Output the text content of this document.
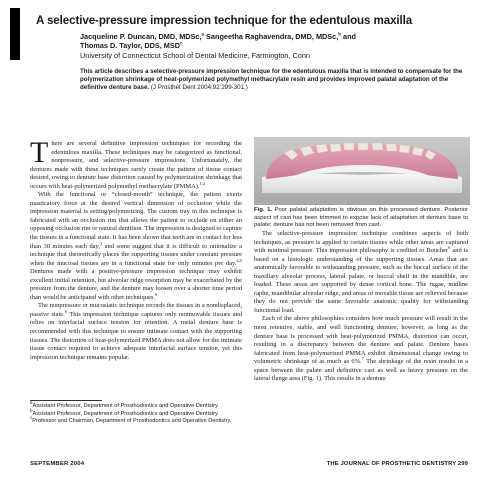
A selective-pressure impression technique for the edentulous maxilla
Jacqueline P. Duncan, DMD, MDSc,$^a$ Sangeetha Raghavendra, DMD, MDSc,$^b$ and
Thomas D. Taylor, DDS, MSD$^c$
University of Connecticut School of Dental Medicine, Farmington, Conn
This article describes a selective-pressure impression technique for the edentulous maxilla that is intended to compensate for the polymerization shrinkage of heat-polymerized polymethyl methacrylate resin and provides improved palatal adaptation of the definitive denture base. (J Prosthet Dent 2004;92:299-301.)

There are several definitive impression techniques for recording the edentulous maxilla. These techniques may be categorized as functional, nonpressure, and selective-pressure impressions. Unfortunately, the dentures made with these techniques rarely create the pattern of tissue contact desired, owing to denture base distortion caused by polymerization shrinkage that occurs with heat-polymerized polymethyl methacrylate (PMMA).$^{1,2}$

With the functional or “closed-mouth” technique, the patient exerts masticatory force at the desired vertical dimension of occlusion while the impression material is setting/polymerizing. The custom tray in this technique is fabricated with an occlusion rim that allows the patient to occlude on either an opposing occlusion rim or natural dentition. The impression is designed to capture the tissues in a functional state. It has been shown that teeth are in contact for less than 30 minutes each day,$^3$ and some suggest that it is difficult to rationalize a technique that theoretically places the supporting tissues under constant pressure when the mucosal tissues are in a functional state for only minutes per day.$^{4,5}$ Dentures made with a positive-pressure impression technique may exhibit excellent initial retention, but alveolar ridge resorption may be exacerbated by the pressure from the denture, and the denture may loosen over a shorter time period than would be anticipated with other techniques.$^6$

The nonpressure or mucostatic technique records the tissues in a nondisplaced, passive state.$^6$ This impression technique captures only nonmovable tissues and relies on interfacial surface tension for retention. A metal denture base is recommended with this technique to ensure intimate contact with the supporting tissues. The distortion of heat-polymerized PMMA does not allow for the intimate tissue contact required to achieve adequate interfacial surface tension, yet this impression technique remains popular.

$^a$Assistant Professor, Department of Prosthodontics and Operative Dentistry.
$^b$Assistant Professor, Department of Prosthodontics and Operative Dentistry.
$^c$Professor and Chairman, Department of Prosthodontics and Operative Dentistry.
Fig. 1. Poor palatal adaptation is obvious on this processed denture. Posterior aspect of cast has been trimmed to expose lack of adaptation of denture base to palate; denture has not been removed from cast.

The selective-pressure impression technique combines aspects of both techniques, as pressure is applied to certain tissues while other areas are captured with minimal pressure. This impression philosophy is credited to Boucher$^6$ and is based on a histologic understanding of the supporting tissues. Areas that are anatomically favorable to withstanding pressure, such as the buccal surface of the maxillary alveolar process, lateral palate, or buccal shelf in the mandible, are loaded. These areas are supported by dense cortical bone. The rugae, midline raphe, mandibular alveolar ridge, and areas of movable tissue are relieved because they do not provide the same favorable anatomic quality for withstanding functional load.

Each of the above philosophies considers how much pressure will result in the most retentive, stable, and well functioning denture; however, as long as the denture base is processed with heat-polymerized PMMA, distortion can occur, resulting in a discrepancy between the denture and palate. Denture bases fabricated from heat-polymerized PMMA exhibit dimensional change owing to volumetric shrinkage of as much as 6%.$^7$ The shrinkage of the resin results in a space between the palate and definitive cast as well as heavy pressure on the lateral flange area (Fig. 1). This results in a denture

SEPTEMBER 2004	THE JOURNAL OF PROSTHETIC DENTISTRY 299
